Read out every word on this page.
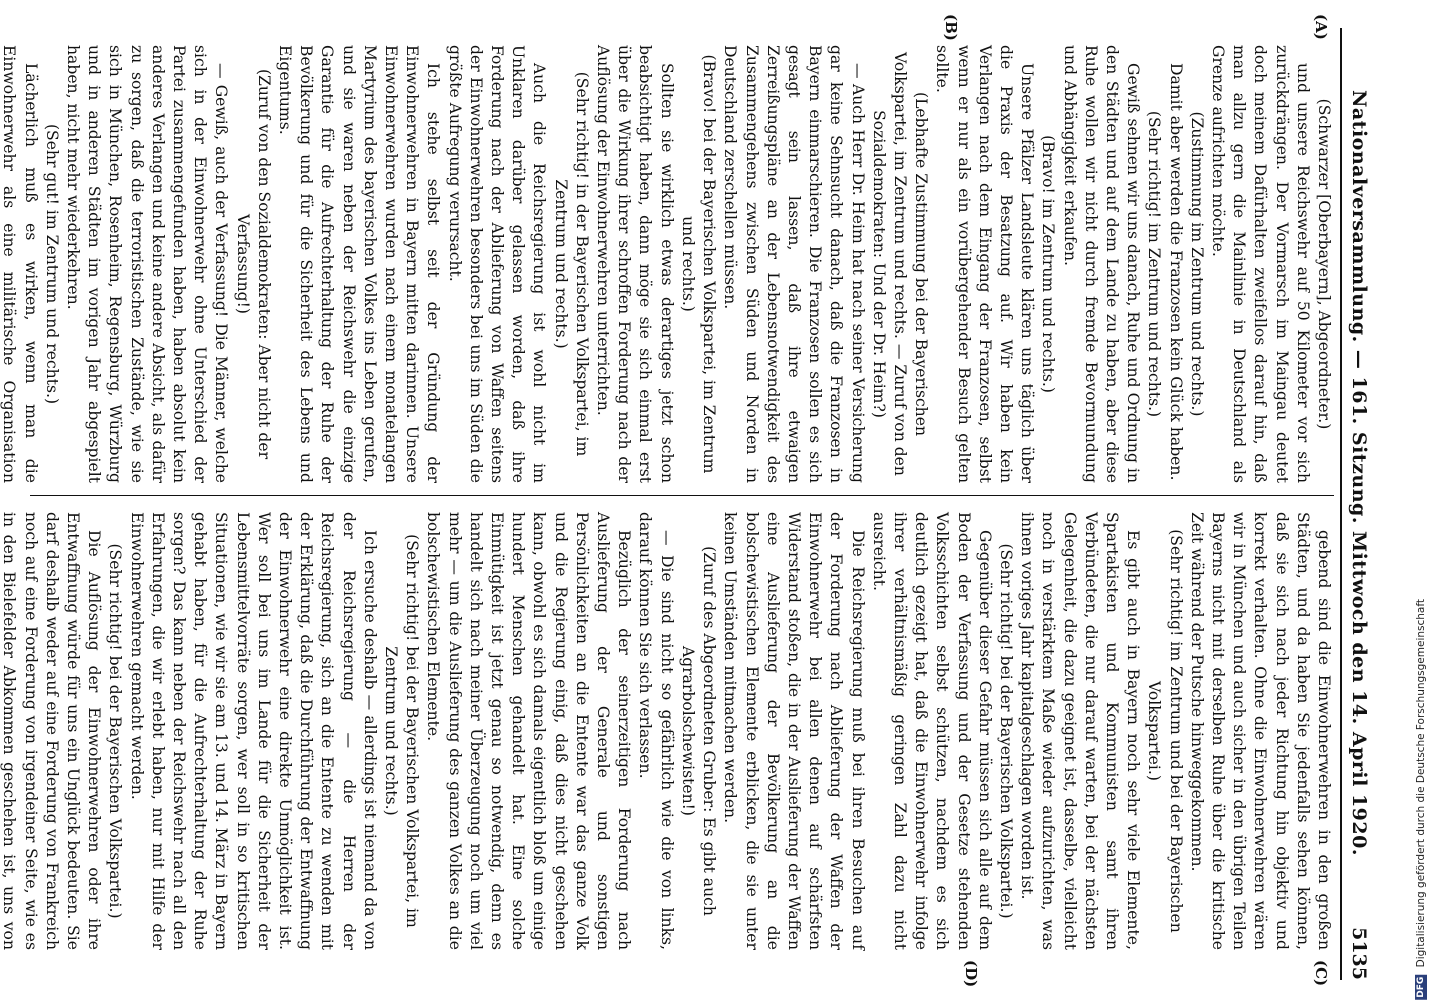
Nationalversammlung. — 161. Sitzung. Mittwoch den 14. April 1920.
5135
(A)
(B)
(C)
(D)

(Schwarzer [Oberbayern], Abgeordneter.)

und unsere Reichswehr auf 50 Kilometer vor sich zurückdrängen. Der Vormarsch im Maingau deutet doch meinem Dafürhalten zweifellos darauf hin, daß man allzu gern die Mainlinie in Deutschland als Grenze aufrichten möchte.

(Zustimmung im Zentrum und rechts.)

Damit aber werden die Franzosen kein Glück haben.

(Sehr richtig! im Zentrum und rechts.)

Gewiß sehnen wir uns danach, Ruhe und Ordnung in den Städten und auf dem Lande zu haben, aber diese Ruhe wollen wir nicht durch fremde Bevormundung und Abhängigkeit erkaufen.

(Bravo! im Zentrum und rechts.)

Unsere Pfälzer Landsleute klären uns täglich über die Praxis der Besatzung auf. Wir haben kein Verlangen nach dem Eingang der Franzosen, selbst wenn er nur als ein vorübergehender Besuch gelten sollte.

(Lebhafte Zustimmung bei der Bayerischen Volkspartei, im Zentrum und rechts. — Zuruf von den Sozialdemokraten: Und der Dr. Heim?)

— Auch Herr Dr. Heim hat nach seiner Versicherung gar keine Sehnsucht danach, daß die Franzosen in Bayern einmarschieren. Die Franzosen sollen es sich gesagt sein lassen, daß ihre etwaigen Zerreißungspläne an der Lebensnotwendigkeit des Zusammengehens zwischen Süden und Norden in Deutschland zerschellen müssen.

(Bravo! bei der Bayerischen Volkspartei, im Zentrum und rechts.)

Sollten sie wirklich etwas derartiges jetzt schon beabsichtigt haben, dann möge sie sich einmal erst über die Wirkung ihrer schroffen Forderung nach der Auflösung der Einwohnerwehren unterrichten.

(Sehr richtig! in der Bayerischen Volkspartei, im Zentrum und rechts.)

Auch die Reichsregierung ist wohl nicht im Unklaren darüber gelassen worden, daß ihre Forderung nach der Ablieferung von Waffen seitens der Einwohnerwehren besonders bei uns im Süden die größte Aufregung verursacht.

Ich stehe selbst seit der Gründung der Einwohnerwehren in Bayern mitten darinnen. Unsere Einwohnerwehren wurden nach einem monatelangen Martyrium des bayerischen Volkes ins Leben gerufen, und sie waren neben der Reichswehr die einzige Garantie für die Aufrechterhaltung der Ruhe der Bevölkerung und für die Sicherheit des Lebens und Eigentums.

(Zuruf von den Sozialdemokraten: Aber nicht der Verfassung!)

— Gewiß, auch der Verfassung! Die Männer, welche sich in der Einwohnerwehr ohne Unterschied der Partei zusammengefunden haben, haben absolut kein anderes Verlangen und keine andere Absicht, als dafür zu sorgen, daß die terroristischen Zustände, wie sie sich in München, Rosenheim, Regensburg, Würzburg und in anderen Städten im vorigen Jahr abgespielt haben, nicht mehr wiederkehren.

(Sehr gut! im Zentrum und rechts.)

Lächerlich muß es wirken, wenn man die Einwohnerwehr als eine militärische Organisation

gebend sind die Einwohnerwehren in den großen Städten, und da haben Sie jedenfalls sehen können, daß sie sich nach jeder Richtung hin objektiv und korrekt verhalten. Ohne die Einwohnerwehren wären wir in München und auch sicher in den übrigen Teilen Bayerns nicht mit derselben Ruhe über die kritische Zeit während der Putsche hinweggekommen.

(Sehr richtig! im Zentrum und bei der Bayerischen Volkspartei.)

Es gibt auch in Bayern noch sehr viele Elemente, Spartakisten und Kommunisten samt ihren Verbündeten, die nur darauf warten, bei der nächsten Gelegenheit, die dazu geeignet ist, dasselbe, vielleicht noch in verstärktem Maße wieder aufzurichten, was ihnen voriges Jahr kapitalgeschlagen worden ist.

(Sehr richtig! bei der Bayerischen Volkspartei.)

Gegenüber dieser Gefahr müssen sich alle auf dem Boden der Verfassung und der Gesetze stehenden Volksschichten selbst schützen, nachdem es sich deutlich gezeigt hat, daß die Einwohnerwehr infolge ihrer verhältnismäßig geringen Zahl dazu nicht ausreicht.

Die Reichsregierung muß bei ihren Besuchen auf der Forderung nach Ablieferung der Waffen der Einwohnerwehr bei allen denen auf schärfsten Widerstand stoßen, die in der Auslieferung der Waffen eine Auslieferung der Bevölkerung an die bolschewistischen Elemente erblicken, die sie unter keinen Umständen mitmachen werden.

(Zuruf des Abgeordneten Gruber: Es gibt auch Agrarbolschewisten!)

— Die sind nicht so gefährlich wie die von links, darauf können Sie sich verlassen.

Bezüglich der seinerzeitigen Forderung nach Auslieferung der Generale und sonstigen Persönlichkeiten an die Entente war das ganze Volk und die Regierung einig, daß dies nicht geschehen kann, obwohl es sich damals eigentlich bloß um einige hundert Menschen gehandelt hat. Eine solche Einmütigkeit ist jetzt genau so notwendig, denn es handelt sich nach meiner Überzeugung noch um viel mehr — um die Auslieferung des ganzen Volkes an die bolschewistischen Elemente.

(Sehr richtig! bei der Bayerischen Volkspartei, im Zentrum und rechts.)

Ich ersuche deshalb — allerdings ist niemand da von der Reichsregierung — die Herren der Reichsregierung, sich an die Entente zu wenden mit der Erklärung, daß die Durchführung der Entwaffnung der Einwohnerwehr eine direkte Unmöglichkeit ist. Wer soll bei uns im Lande für die Sicherheit der Lebensmittelvorräte sorgen, wer soll in so kritischen Situationen, wie wir sie am 13. und 14. März in Bayern gehabt haben, für die Aufrechterhaltung der Ruhe sorgen? Das kann neben der Reichswehr nach all den Erfahrungen, die wir erlebt haben, nur mit Hilfe der Einwohnerwehren gemacht werden.

(Sehr richtig! bei der Bayerischen Volkspartei.)

Die Auflösung der Einwohnerwehren oder ihre Entwaffnung würde für uns ein Unglück bedeuten. Sie darf deshalb weder auf eine Forderung von Frankreich noch auf eine Forderung von irgendeiner Seite, wie es in den Bielefelder Abkommen geschehen ist, uns von

DFG Digitalisierung gefördert durch die Deutsche Forschungsgemeinschaft
